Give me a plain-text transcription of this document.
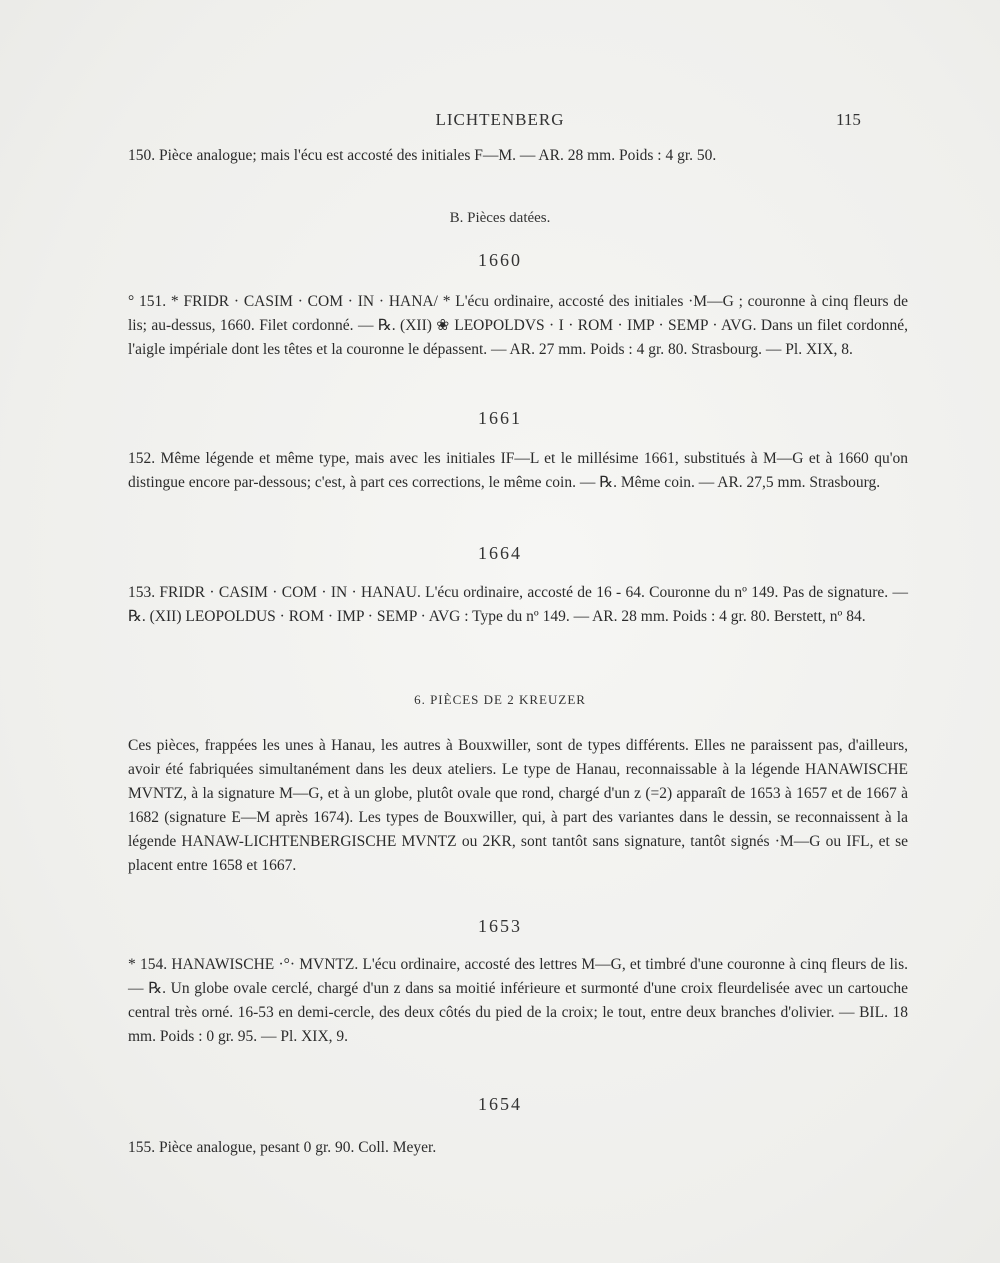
LICHTENBERG	115

150. Pièce analogue; mais l'écu est accosté des initiales F—M. — AR. 28 mm. Poids : 4 gr. 50.

B. Pièces datées.
1660

° 151. * FRIDR · CASIM · COM · IN · HANA/ * L'écu ordinaire, accosté des initiales ·M—G ; couronne à cinq fleurs de lis; au-dessus, 1660. Filet cordonné. — ℞. (XII) ❀ LEOPOLDVS · I · ROM · IMP · SEMP · AVG. Dans un filet cordonné, l'aigle impériale dont les têtes et la couronne le dépassent. — AR. 27 mm. Poids : 4 gr. 80. Strasbourg. — Pl. XIX, 8.

1661

152. Même légende et même type, mais avec les initiales IF—L et le millésime 1661, substitués à M—G et à 1660 qu'on distingue encore par-dessous; c'est, à part ces corrections, le même coin. — ℞. Même coin. — AR. 27,5 mm. Strasbourg.

1664

153. FRIDR · CASIM · COM · IN · HANAU. L'écu ordinaire, accosté de 16 - 64. Couronne du nº 149. Pas de signature. — ℞. (XII) LEOPOLDUS · ROM · IMP · SEMP · AVG : Type du nº 149. — AR. 28 mm. Poids : 4 gr. 80. Berstett, nº 84.

6. PIÈCES DE 2 KREUZER

Ces pièces, frappées les unes à Hanau, les autres à Bouxwiller, sont de types différents. Elles ne paraissent pas, d'ailleurs, avoir été fabriquées simultanément dans les deux ateliers. Le type de Hanau, reconnaissable à la légende HANAWISCHE MVNTZ, à la signature M—G, et à un globe, plutôt ovale que rond, chargé d'un z (=2) apparaît de 1653 à 1657 et de 1667 à 1682 (signature E—M après 1674). Les types de Bouxwiller, qui, à part des variantes dans le dessin, se reconnaissent à la légende HANAW-LICHTENBERGISCHE MVNTZ ou 2KR, sont tantôt sans signature, tantôt signés ·M—G ou IFL, et se placent entre 1658 et 1667.

1653

* 154. HANAWISCHE ·°· MVNTZ. L'écu ordinaire, accosté des lettres M—G, et timbré d'une couronne à cinq fleurs de lis. — ℞. Un globe ovale cerclé, chargé d'un z dans sa moitié inférieure et surmonté d'une croix fleurdelisée avec un cartouche central très orné. 16-53 en demi-cercle, des deux côtés du pied de la croix; le tout, entre deux branches d'olivier. — BIL. 18 mm. Poids : 0 gr. 95. — Pl. XIX, 9.

1654

155. Pièce analogue, pesant 0 gr. 90. Coll. Meyer.
